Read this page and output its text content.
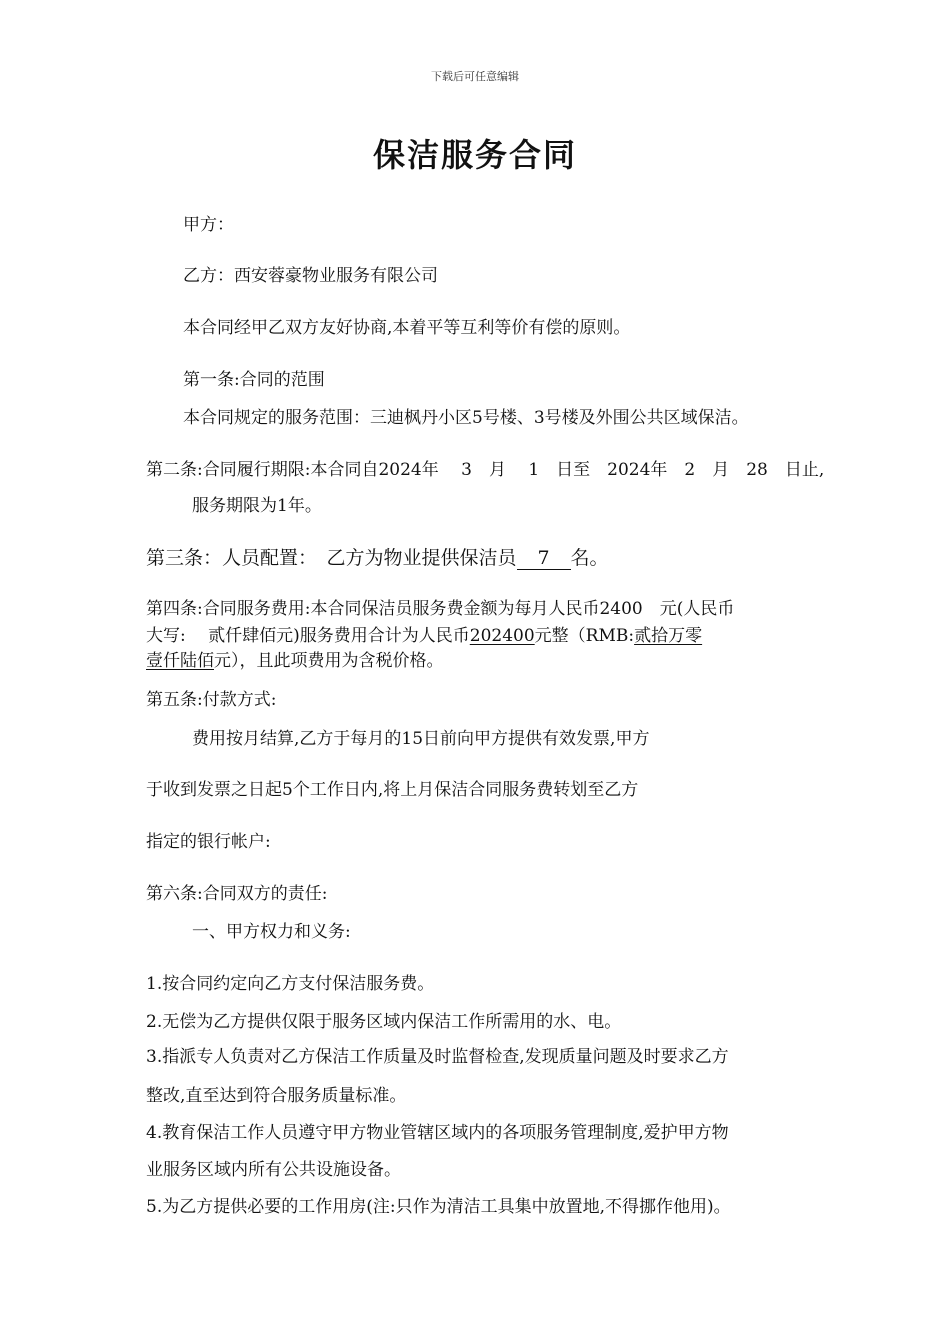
下载后可任意编辑
保洁服务合同
甲方：
乙方：西安蓉豪物业服务有限公司
本合同经甲乙双方友好协商,本着平等互利等价有偿的原则。
第一条:合同的范围
本合同规定的服务范围：三迪枫丹小区5号楼、3号楼及外围公共区域保洁。
第二条:合同履行期限:本合同自2024年　 3　月　 1　日至　2024年　2　月　28　日止,
服务期限为1年。
第三条：人员配置：　乙方为物业提供保洁员 7 名。
第四条:合同服务费用:本合同保洁员服务费金额为每月人民币2400　元(人民币
大写:　 贰仟肆佰元)服务费用合计为人民币202400元整（RMB:贰拾万零
壹仟陆佰元），且此项费用为含税价格。
第五条:付款方式:
费用按月结算,乙方于每月的15日前向甲方提供有效发票,甲方
于收到发票之日起5个工作日内,将上月保洁合同服务费转划至乙方
指定的银行帐户:
第六条:合同双方的责任:
一、甲方权力和义务:
1.按合同约定向乙方支付保洁服务费。
2.无偿为乙方提供仅限于服务区域内保洁工作所需用的水、电。
3.指派专人负责对乙方保洁工作质量及时监督检查,发现质量问题及时要求乙方
整改,直至达到符合服务质量标准。
4.教育保洁工作人员遵守甲方物业管辖区域内的各项服务管理制度,爱护甲方物
业服务区域内所有公共设施设备。
5.为乙方提供必要的工作用房(注:只作为清洁工具集中放置地,不得挪作他用)。
